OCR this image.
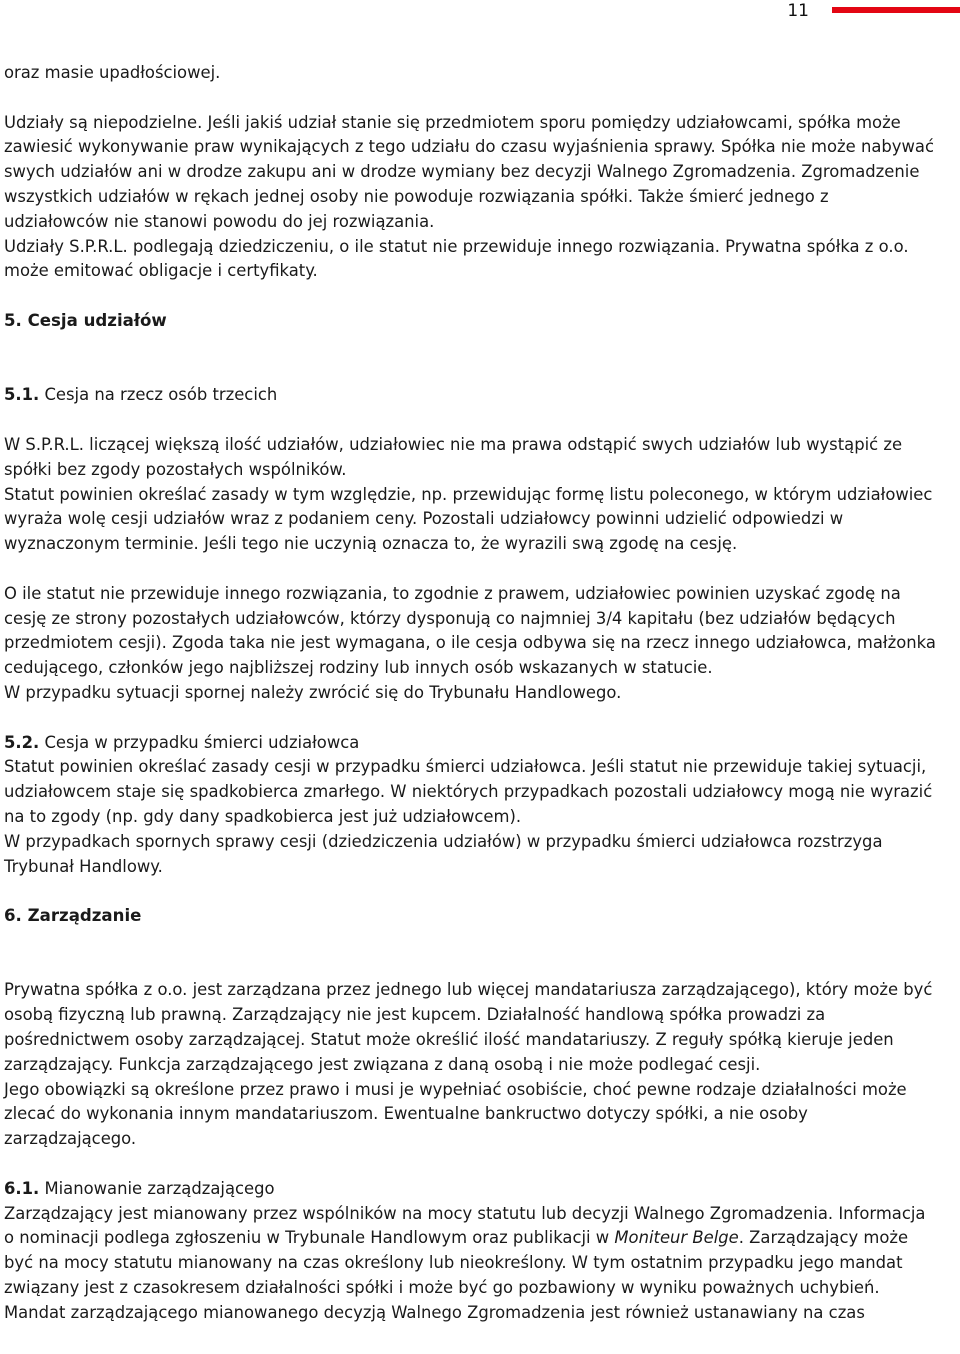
11

oraz masie upadłościowej.

Udziały są niepodzielne. Jeśli jakiś udział stanie się przedmiotem sporu pomiędzy udziałowcami, spółka może

zawiesić wykonywanie praw wynikających z tego udziału do czasu wyjaśnienia sprawy. Spółka nie może nabywać

swych udziałów ani w drodze zakupu ani w drodze wymiany bez decyzji Walnego Zgromadzenia. Zgromadzenie

wszystkich udziałów w rękach jednej osoby nie powoduje rozwiązania spółki. Także śmierć jednego z

udziałowców nie stanowi powodu do jej rozwiązania.

Udziały S.P.R.L. podlegają dziedziczeniu, o ile statut nie przewiduje innego rozwiązania. Prywatna spółka z o.o.

może emitować obligacje i certyfikaty.

5. Cesja udziałów
5.1. Cesja na rzecz osób trzecich

W S.P.R.L. liczącej większą ilość udziałów, udziałowiec nie ma prawa odstąpić swych udziałów lub wystąpić ze

spółki bez zgody pozostałych wspólników.

Statut powinien określać zasady w tym względzie, np. przewidując formę listu poleconego, w którym udziałowiec

wyraża wolę cesji udziałów wraz z podaniem ceny. Pozostali udziałowcy powinni udzielić odpowiedzi w

wyznaczonym terminie. Jeśli tego nie uczynią oznacza to, że wyrazili swą zgodę na cesję.

O ile statut nie przewiduje innego rozwiązania, to zgodnie z prawem, udziałowiec powinien uzyskać zgodę na

cesję ze strony pozostałych udziałowców, którzy dysponują co najmniej 3/4 kapitału (bez udziałów będących

przedmiotem cesji). Zgoda taka nie jest wymagana, o ile cesja odbywa się na rzecz innego udziałowca, małżonka

cedującego, członków jego najbliższej rodziny lub innych osób wskazanych w statucie.

W przypadku sytuacji spornej należy zwrócić się do Trybunału Handlowego.

5.2. Cesja w przypadku śmierci udziałowca

Statut powinien określać zasady cesji w przypadku śmierci udziałowca. Jeśli statut nie przewiduje takiej sytuacji,

udziałowcem staje się spadkobierca zmarłego. W niektórych przypadkach pozostali udziałowcy mogą nie wyrazić

na to zgody (np. gdy dany spadkobierca jest już udziałowcem).

W przypadkach spornych sprawy cesji (dziedziczenia udziałów) w przypadku śmierci udziałowca rozstrzyga

Trybunał Handlowy.

6. Zarządzanie

Prywatna spółka z o.o. jest zarządzana przez jednego lub więcej mandatariusza zarządzającego), który może być

osobą fizyczną lub prawną. Zarządzający nie jest kupcem. Działalność handlową spółka prowadzi za

pośrednictwem osoby zarządzającej. Statut może określić ilość mandatariuszy. Z reguły spółką kieruje jeden

zarządzający. Funkcja zarządzającego jest związana z daną osobą i nie może podlegać cesji.

Jego obowiązki są określone przez prawo i musi je wypełniać osobiście, choć pewne rodzaje działalności może

zlecać do wykonania innym mandatariuszom. Ewentualne bankructwo dotyczy spółki, a nie osoby

zarządzającego.

6.1. Mianowanie zarządzającego

Zarządzający jest mianowany przez wspólników na mocy statutu lub decyzji Walnego Zgromadzenia. Informacja

o nominacji podlega zgłoszeniu w Trybunale Handlowym oraz publikacji w Moniteur Belge. Zarządzający może

być na mocy statutu mianowany na czas określony lub nieokreślony. W tym ostatnim przypadku jego mandat

związany jest z czasokresem działalności spółki i może być go pozbawiony w wyniku poważnych uchybień.

Mandat zarządzającego mianowanego decyzją Walnego Zgromadzenia jest również ustanawiany na czas
